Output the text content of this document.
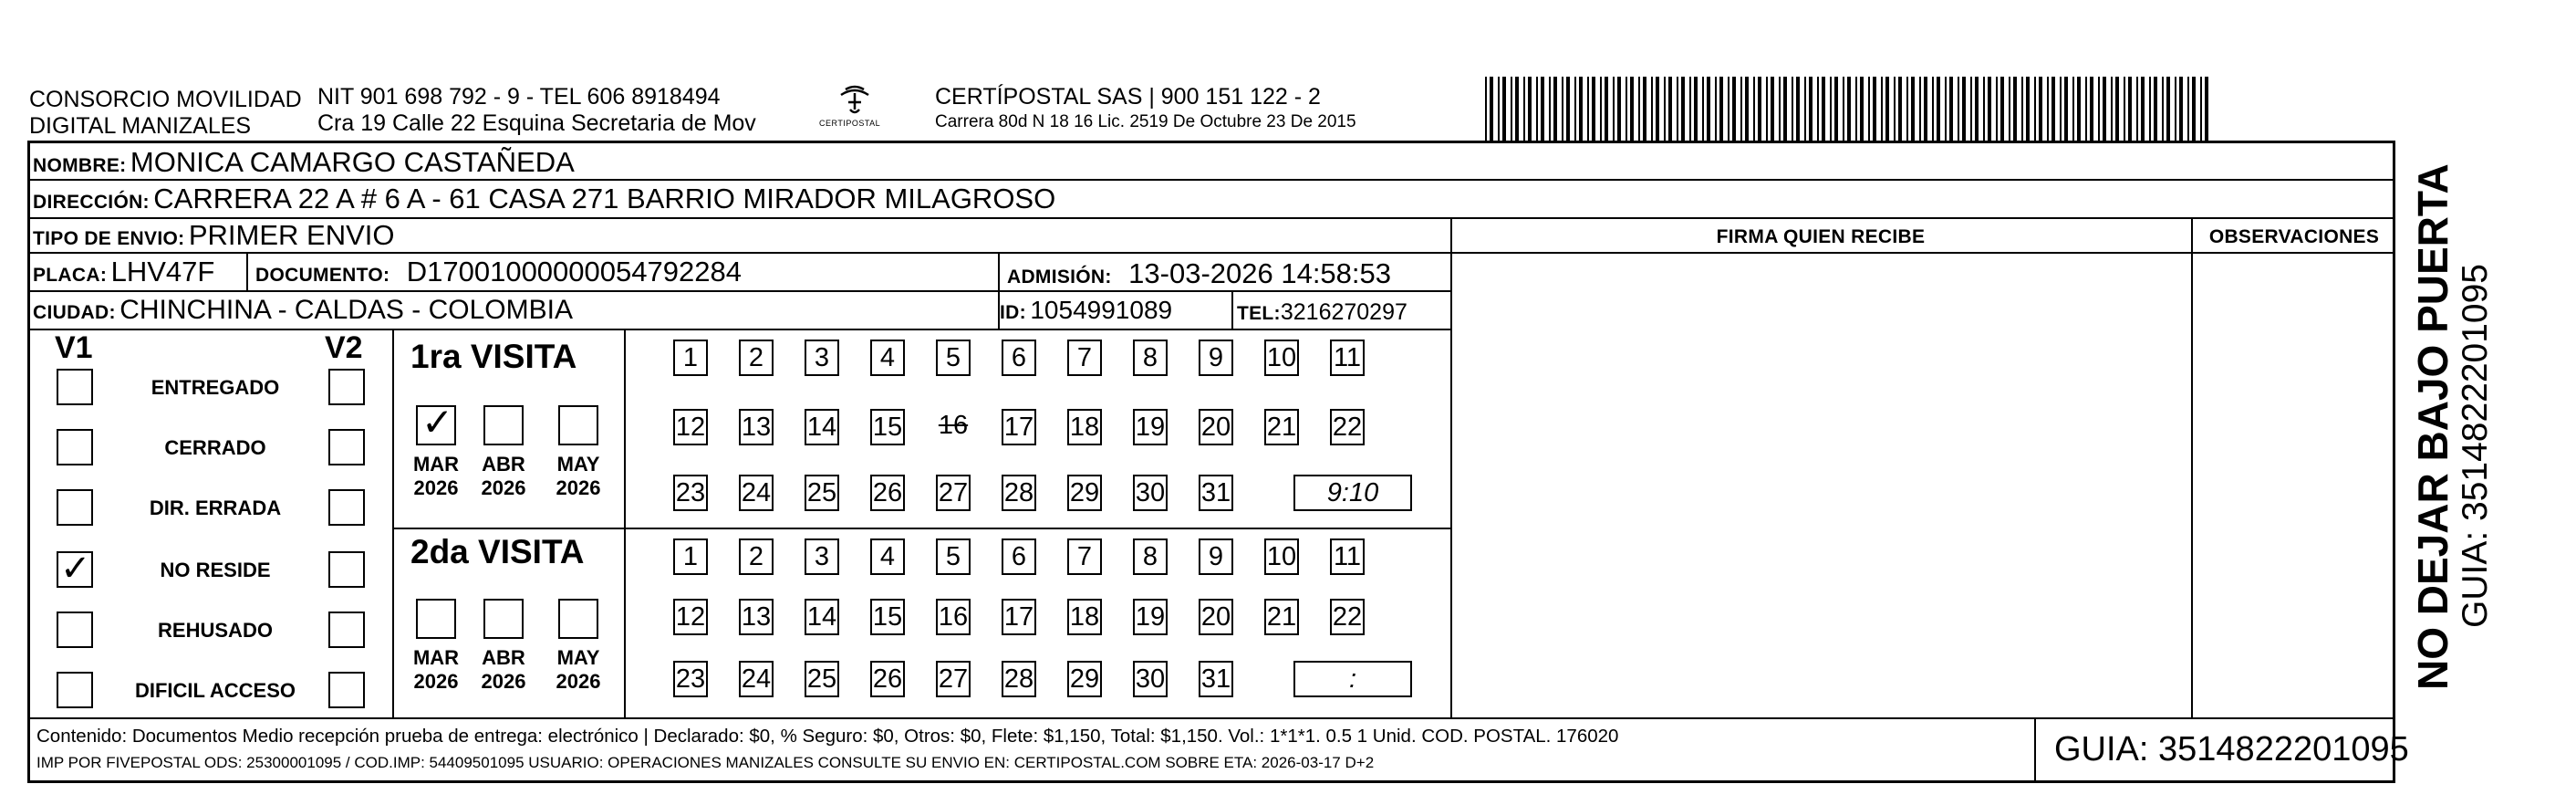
CONSORCIO MOVILIDAD
DIGITAL MANIZALES
NIT 901 698 792 - 9 - TEL 606 8918494
Cra 19 Calle 22 Esquina Secretaria de Mov	CERTIPOSTAL
CERTÍPOSTAL SAS | 900 151 122 - 2
Carrera 80d N 18 16 Lic. 2519 De Octubre 23 De 2015
NOMBRE: MONICA CAMARGO CASTAÑEDA
DIRECCIÓN: CARRERA 22 A # 6 A - 61 CASA 271 BARRIO MIRADOR MILAGROSO
TIPO DE ENVIO: PRIMER ENVIO	FIRMA QUIEN RECIBE	OBSERVACIONES
PLACA: LHV47F DOCUMENTO: D17001000000054792284	ADMISIÓN: 13-03-2026 14:58:53
CIUDAD: CHINCHINA - CALDAS - COLOMBIA	ID: 1054991089	TEL:3216270297
V1	V2
ENTREGADO
CERRADO
DIR. ERRADA
✓	NO RESIDE
REHUSADO
DIFICIL ACCESO
1ra VISITA
2da VISITA
✓
MAR
2026
ABR
2026
MAY
2026
MAR
2026
ABR
2026
MAY
2026
1	2	3	4	5	6	7	8	9	10 11
12 13 14 15 16 17 18 19 20 21 22
23 24 25 26 27 28 29 30 31	9:10
1	2	3	4	5	6	7	8	9	10 11
12 13 14 15 16 17 18 19 20 21 22
23 24 25 26 27 28 29 30 31	:
Contenido: Documentos Medio recepción prueba de entrega: electrónico | Declarado: $0, % Seguro: $0, Otros: $0, Flete: $1,150, Total: $1,150. Vol.: 1*1*1. 0.5 1 Unid. COD. POSTAL. 176020
IMP POR FIVEPOSTAL ODS: 25300001095 / COD.IMP: 54409501095 USUARIO: OPERACIONES MANIZALES CONSULTE SU ENVIO EN: CERTIPOSTAL.COM SOBRE ETA: 2026-03-17 D+2	GUIA: 3514822201095
NO DEJAR BAJO PUERTA GUIA: 3514822201095
